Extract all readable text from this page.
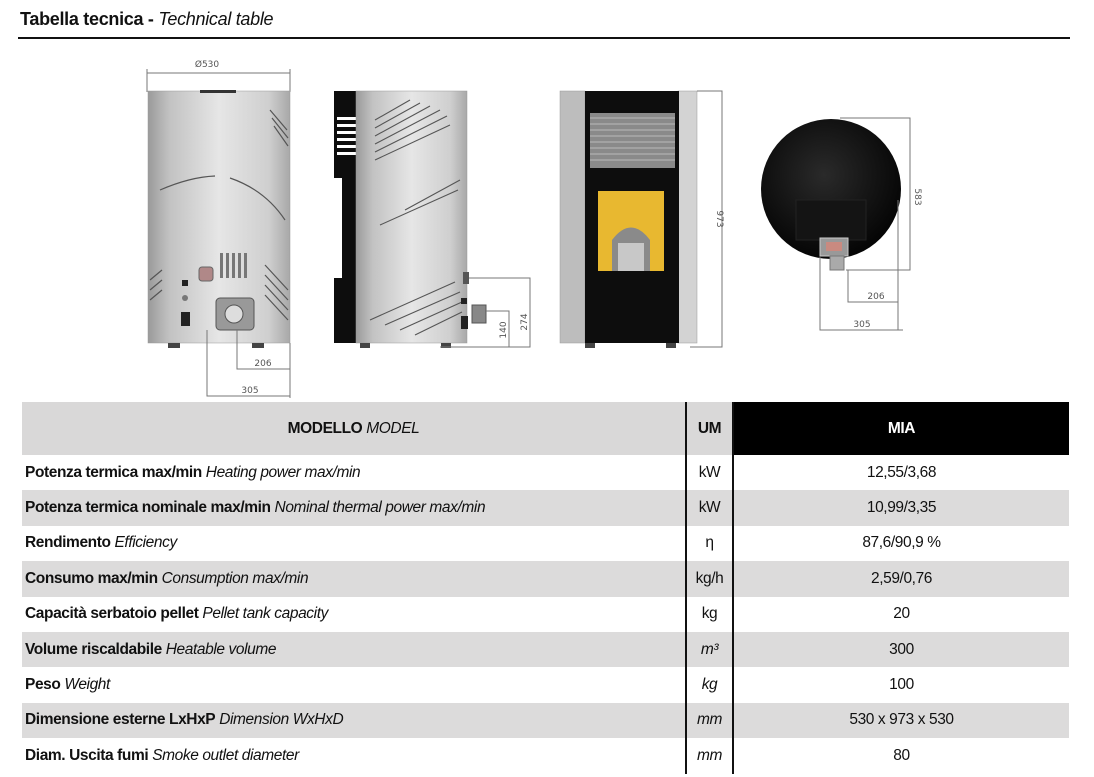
Tabella tecnica - Technical table
Ø530
206
305
274
140
973
583
206
305
MODELLO MODEL	UM	MIA
Potenza termica max/min Heating power max/min	kW	12,55/3,68
Potenza termica nominale max/min Nominal thermal power max/min	kW	10,99/3,35
Rendimento Efficiency	η	87,6/90,9 %
Consumo max/min Consumption max/min	kg/h	2,59/0,76
Capacità serbatoio pellet Pellet tank capacity	kg	20
Volume riscaldabile Heatable volume	m³	300
Peso Weight	kg	100
Dimensione esterne LxHxP Dimension WxHxD	mm	530 x 973 x 530
Diam. Uscita fumi Smoke outlet diameter	mm	80
